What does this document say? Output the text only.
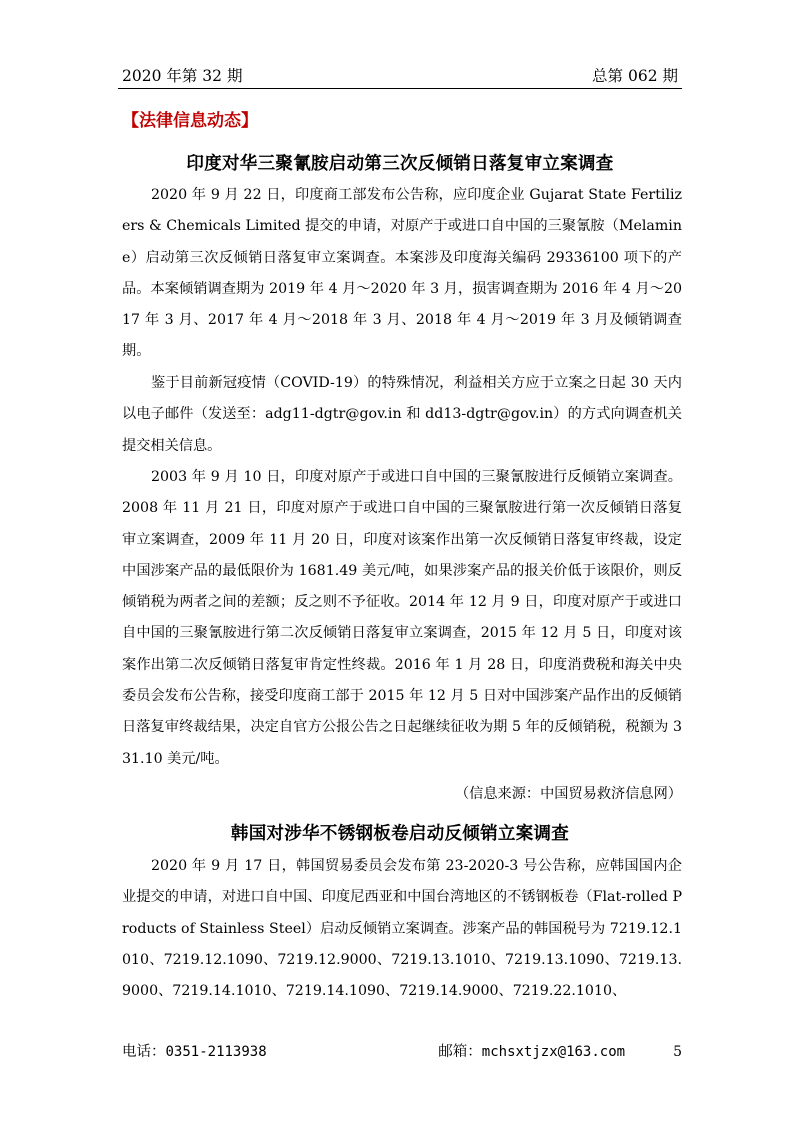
2020 年第 32 期	总第 062 期
【法律信息动态】
印度对华三聚氰胺启动第三次反倾销日落复审立案调查

2020 年 9 月 22 日，印度商工部发布公告称，应印度企业 Gujarat State Fertilizers & Chemicals Limited 提交的申请，对原产于或进口自中国的三聚氰胺（Melamine）启动第三次反倾销日落复审立案调查。本案涉及印度海关编码 29336100 项下的产品。本案倾销调查期为 2019 年 4 月～2020 年 3 月，损害调查期为 2016 年 4 月～2017 年 3 月、2017 年 4 月～2018 年 3 月、2018 年 4 月～2019 年 3 月及倾销调查期。

鉴于目前新冠疫情（COVID-19）的特殊情况，利益相关方应于立案之日起 30 天内以电子邮件（发送至：adg11-dgtr@gov.in 和 dd13-dgtr@gov.in）的方式向调查机关提交相关信息。

2003 年 9 月 10 日，印度对原产于或进口自中国的三聚氰胺进行反倾销立案调查。2008 年 11 月 21 日，印度对原产于或进口自中国的三聚氰胺进行第一次反倾销日落复审立案调查，2009 年 11 月 20 日，印度对该案作出第一次反倾销日落复审终裁，设定中国涉案产品的最低限价为 1681.49 美元/吨，如果涉案产品的报关价低于该限价，则反倾销税为两者之间的差额；反之则不予征收。2014 年 12 月 9 日，印度对原产于或进口自中国的三聚氰胺进行第二次反倾销日落复审立案调查，2015 年 12 月 5 日，印度对该案作出第二次反倾销日落复审肯定性终裁。2016 年 1 月 28 日，印度消费税和海关中央委员会发布公告称，接受印度商工部于 2015 年 12 月 5 日对中国涉案产品作出的反倾销日落复审终裁结果，决定自官方公报公告之日起继续征收为期 5 年的反倾销税，税额为 331.10 美元/吨。

（信息来源：中国贸易救济信息网）
韩国对涉华不锈钢板卷启动反倾销立案调查

2020 年 9 月 17 日，韩国贸易委员会发布第 23-2020-3 号公告称，应韩国国内企业提交的申请，对进口自中国、印度尼西亚和中国台湾地区的不锈钢板卷（Flat-rolled Products of Stainless Steel）启动反倾销立案调查。涉案产品的韩国税号为 7219.12.1010、7219.12.1090、7219.12.9000、7219.13.1010、7219.13.1090、7219.13.9000、7219.14.1010、7219.14.1090、7219.14.9000、7219.22.1010、

电话：0351-2113938	邮箱：mchsxtjzx@163.com	5
